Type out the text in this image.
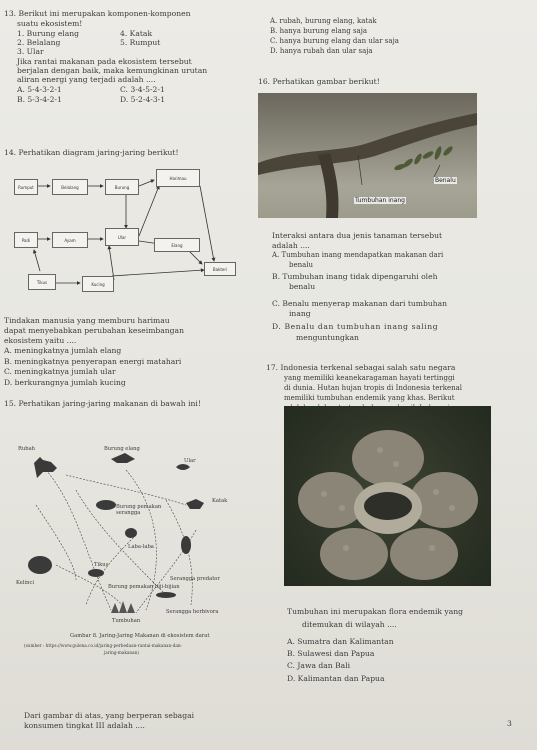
13. Berikut ini merupakan komponen-komponen
suatu ekosistem!
1. Burung elang	4. Katak
2. Belalang	5. Rumput
3. Ular
Jika rantai makanan pada ekosistem tersebut
berjalan dengan baik, maka kemungkinan urutan
aliran energi yang terjadi adalah ....
A. 5-4-3-2-1	C. 3-4-5-2-1
B. 5-3-4-2-1	D. 5-2-4-3-1
A. rubah, burung elang, katak
B. hanya burung elang saja
C. hanya burung elang dan ular saja
D. hanya rubah dan ular saja
14. Perhatikan diagram jaring-jaring berikut!
Rumput	Belalang	Burung
Harimau
Padi	Ayam
Ular
Elang
Tikus	Kucing
Bakteri
Tindakan manusia yang memburu harimau
dapat menyebabkan perubahan keseimbangan
ekosistem yaitu ....
A. meningkatnya jumlah elang
B. meningkatnya penyerapan energi matahari
C. meningkatnya jumlah ular
D. berkurangnya jumlah kucing
15. Perhatikan jaring-jaring makanan di bawah ini!
Rubah	Burung elang
Ular
Katak
Burung pemakan
serangga
Laba-laba
Tikus
Kelinci
Serangga predator
Burung pemakan biji-bijian
Serangga herbivora
Tumbuhan
Gambar 8. Jaring-Jaring Makanan di ekosistem darat
(sumber : https://www.gulena.co.id/jaring-perbedaan-rantai-makanan-dan-
jaring-makanan)
Dari gambar di atas, yang berperan sebagai
konsumen tingkat III adalah ....
16. Perhatikan gambar berikut!
Benalu
Tumbuhan inang
Interaksi antara dua jenis tanaman tersebut
adalah ....
A. Tumbuhan inang mendapatkan makanan dari
benalu
B. Tumbuhan inang tidak dipengaruhi oleh
benalu
C. Benalu menyerap makanan dari tumbuhan
inang
D. Benalu dan tumbuhan inang saling
menguntungkan
17. Indonesia terkenal sebagai salah satu negara
yang memiliki keanekaragaman hayati tertinggi
di dunia. Hutan hujan tropis di Indonesia terkenal
memiliki tumbuhan endemik yang khas. Berikut
Tumbuhan ini merupakan flora endemik yang
ditemukan di wilayah ....
A. Sumatra dan Kalimantan
B. Sulawesi dan Papua
C. Jawa dan Bali
D. Kalimantan dan Papua
3
